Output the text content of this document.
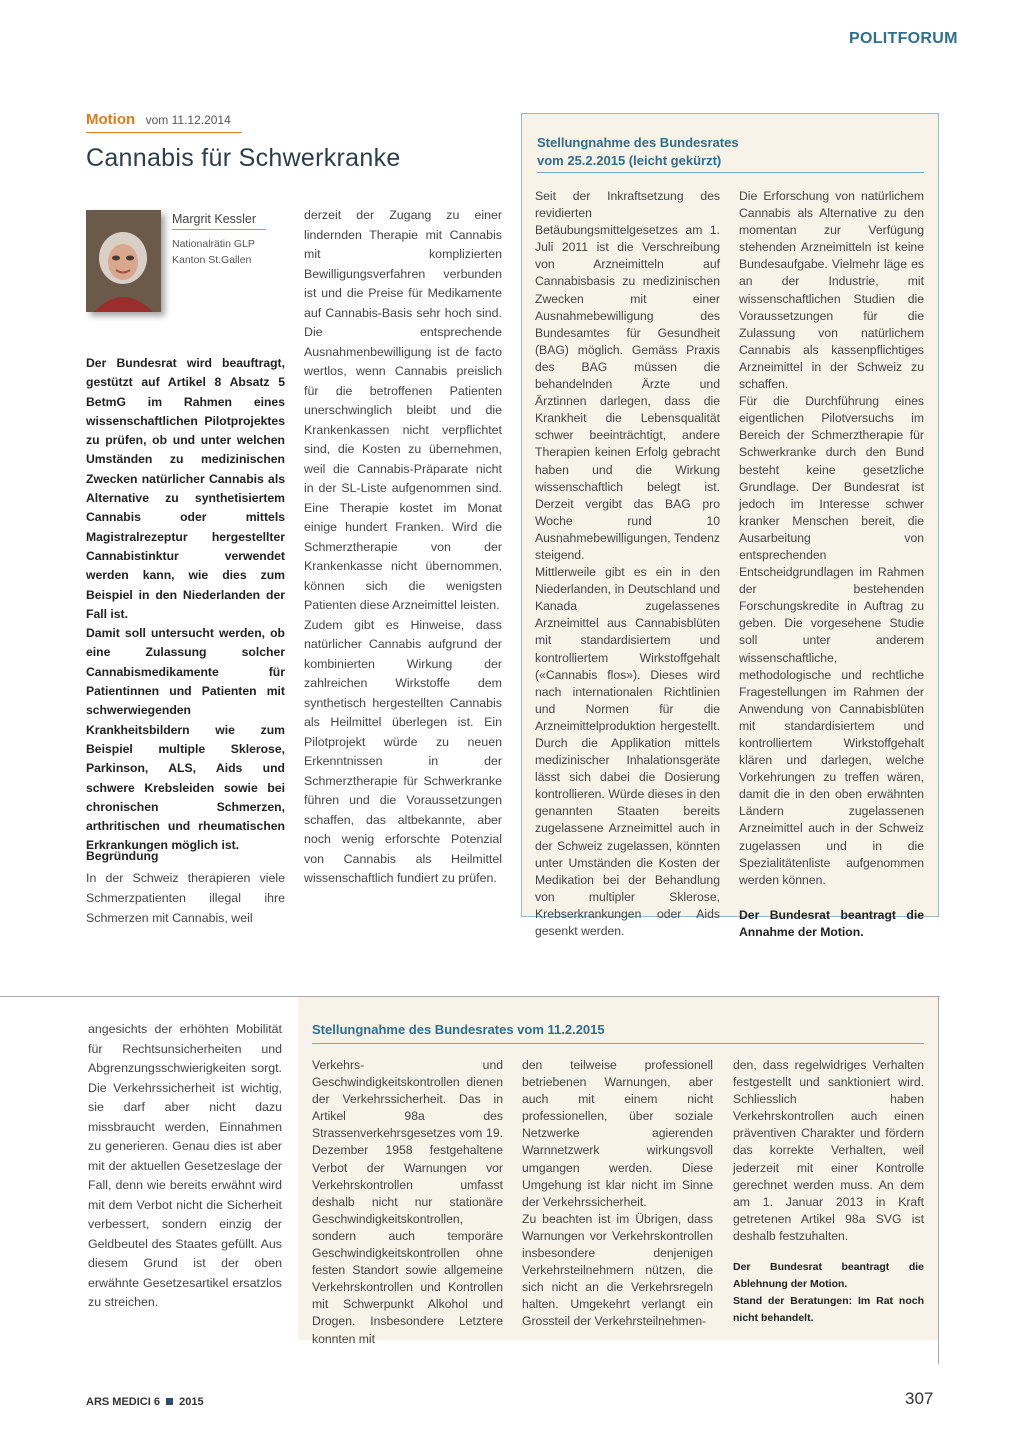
POLITFORUM
Motion vom 11.12.2014
Cannabis für Schwerkranke
Margrit Kessler
Nationalrätin GLP
Kanton St.Gallen

Der Bundesrat wird beauftragt, gestützt auf Artikel 8 Absatz 5 BetmG im Rahmen eines wissenschaftlichen Pilotprojektes zu prüfen, ob und unter welchen Umständen zu medizinischen Zwecken natürlicher Cannabis als Alternative zu synthetisiertem Cannabis oder mittels Magistralrezeptur hergestellter Cannabistinktur verwendet werden kann, wie dies zum Beispiel in den Niederlanden der Fall ist.

Damit soll untersucht werden, ob eine Zulassung solcher Cannabismedikamente für Patientinnen und Patienten mit schwerwiegenden Krankheitsbildern wie zum Beispiel multiple Sklerose, Parkinson, ALS, Aids und schwere Krebsleiden sowie bei chronischen Schmerzen, arthritischen und rheumatischen Erkrankungen möglich ist.

Begründung
In der Schweiz therapieren viele Schmerzpatienten illegal ihre Schmerzen mit Cannabis, weil

derzeit der Zugang zu einer lindernden Therapie mit Cannabis mit komplizierten Bewilligungsverfahren verbunden ist und die Preise für Medikamente auf Cannabis-Basis sehr hoch sind. Die entsprechende Ausnahmenbewilligung ist de facto wertlos, wenn Cannabis preislich für die betroffenen Patienten unerschwinglich bleibt und die Krankenkassen nicht verpflichtet sind, die Kosten zu übernehmen, weil die Cannabis-Präparate nicht in der SL-Liste aufgenommen sind. Eine Therapie kostet im Monat einige hundert Franken. Wird die Schmerztherapie von der Krankenkasse nicht übernommen, können sich die wenigsten Patienten diese Arzneimittel leisten.

Zudem gibt es Hinweise, dass natürlicher Cannabis aufgrund der kombinierten Wirkung der zahlreichen Wirkstoffe dem synthetisch hergestellten Cannabis als Heilmittel überlegen ist. Ein Pilotprojekt würde zu neuen Erkenntnissen in der Schmerztherapie für Schwerkranke führen und die Voraussetzungen schaffen, das altbekannte, aber noch wenig erforschte Potenzial von Cannabis als Heilmittel wissenschaftlich fundiert zu prüfen.

Stellungnahme des Bundesrates
vom 25.2.2015 (leicht gekürzt)

Seit der Inkraftsetzung des revidierten Betäubungsmittelgesetzes am 1. Juli 2011 ist die Verschreibung von Arzneimitteln auf Cannabisbasis zu medizinischen Zwecken mit einer Ausnahmebewilligung des Bundesamtes für Gesundheit (BAG) möglich. Gemäss Praxis des BAG müssen die behandelnden Ärzte und Ärztinnen darlegen, dass die Krankheit die Lebensqualität schwer beeinträchtigt, andere Therapien keinen Erfolg gebracht haben und die Wirkung wissenschaftlich belegt ist. Derzeit vergibt das BAG pro Woche rund 10 Ausnahmebewilligungen, Tendenz steigend.

Mittlerweile gibt es ein in den Niederlanden, in Deutschland und Kanada zugelassenes Arzneimittel aus Cannabisblüten mit standardisiertem und kontrolliertem Wirkstoffgehalt («Cannabis flos»). Dieses wird nach internationalen Richtlinien und Normen für die Arzneimittelproduktion hergestellt. Durch die Applikation mittels medizinischer Inhalationsgeräte lässt sich dabei die Dosierung kontrollieren. Würde dieses in den genannten Staaten bereits zugelassene Arzneimittel auch in der Schweiz zugelassen, könnten unter Umständen die Kosten der Medikation bei der Behandlung von multipler Sklerose, Krebserkrankungen oder Aids gesenkt werden.

Die Erforschung von natürlichem Cannabis als Alternative zu den momentan zur Verfügung stehenden Arzneimitteln ist keine Bundesaufgabe. Vielmehr läge es an der Industrie, mit wissenschaftlichen Studien die Voraussetzungen für die Zulassung von natürlichem Cannabis als kassenpflichtiges Arzneimittel in der Schweiz zu schaffen.

Für die Durchführung eines eigentlichen Pilotversuchs im Bereich der Schmerztherapie für Schwerkranke durch den Bund besteht keine gesetzliche Grundlage. Der Bundesrat ist jedoch im Interesse schwer kranker Menschen bereit, die Ausarbeitung von entsprechenden Entscheidgrundlagen im Rahmen der bestehenden Forschungskredite in Auftrag zu geben. Die vorgesehene Studie soll unter anderem wissenschaftliche, methodologische und rechtliche Fragestellungen im Rahmen der Anwendung von Cannabisblüten mit standardisiertem und kontrolliertem Wirkstoffgehalt klären und darlegen, welche Vorkehrungen zu treffen wären, damit die in den oben erwähnten Ländern zugelassenen Arzneimittel auch in der Schweiz zugelassen und in die Spezialitätenliste aufgenommen werden können.

Der Bundesrat beantragt die Annahme der Motion.

angesichts der erhöhten Mobilität für Rechtsunsicherheiten und Abgrenzungsschwierigkeiten sorgt. Die Verkehrssicherheit ist wichtig, sie darf aber nicht dazu missbraucht werden, Einnahmen zu generieren. Genau dies ist aber mit der aktuellen Gesetzeslage der Fall, denn wie bereits erwähnt wird mit dem Verbot nicht die Sicherheit verbessert, sondern einzig der Geldbeutel des Staates gefüllt. Aus diesem Grund ist der oben erwähnte Gesetzesartikel ersatzlos zu streichen.
Stellungnahme des Bundesrates vom 11.2.2015
Verkehrs- und Geschwindigkeitskontrollen dienen der Verkehrssicherheit. Das in Artikel 98a des Strassenverkehrsgesetzes vom 19. Dezember 1958 festgehaltene Verbot der Warnungen vor Verkehrskontrollen umfasst deshalb nicht nur stationäre Geschwindigkeitskontrollen, sondern auch temporäre Geschwindigkeitskontrollen ohne festen Standort sowie allgemeine Verkehrskontrollen und Kontrollen mit Schwerpunkt Alkohol und Drogen. Insbesondere Letztere konnten mit

den teilweise professionell betriebenen Warnungen, aber auch mit einem nicht professionellen, über soziale Netzwerke agierenden Warnnetzwerk wirkungsvoll umgangen werden. Diese Umgehung ist klar nicht im Sinne der Verkehrssicherheit.

Zu beachten ist im Übrigen, dass Warnungen vor Verkehrskontrollen insbesondere denjenigen Verkehrsteilnehmern nützen, die sich nicht an die Verkehrsregeln halten. Umgekehrt verlangt ein Grossteil der Verkehrsteilnehmen-

den, dass regelwidriges Verhalten festgestellt und sanktioniert wird. Schliesslich haben Verkehrskontrollen auch einen präventiven Charakter und fördern das korrekte Verhalten, weil jederzeit mit einer Kontrolle gerechnet werden muss. An dem am 1. Januar 2013 in Kraft getretenen Artikel 98a SVG ist deshalb festzuhalten.

Der Bundesrat beantragt die Ablehnung der Motion.

Stand der Beratungen: Im Rat noch nicht behandelt.

ARS MEDICI 6 2015	307
